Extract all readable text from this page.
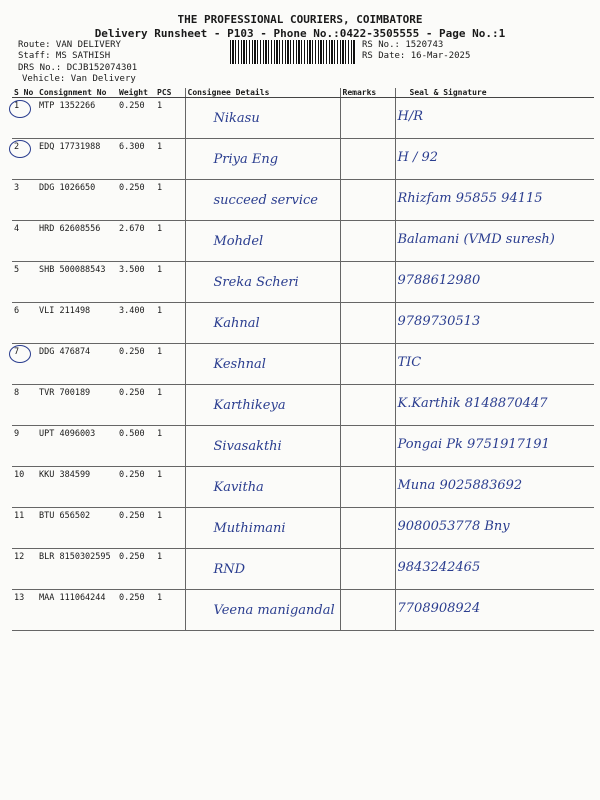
THE PROFESSIONAL COURIERS, COIMBATORE
Delivery Runsheet - P103 - Phone No.:0422-3505555 - Page No.:1
Route: VAN DELIVERY
Staff: MS SATHISH
DRS No.: DCJB152074301
Vehicle: Van Delivery
RS No.: 1520743
RS Date: 16-Mar-2025
S No	Consignment No	Weight	PCS	Consignee Details	Remarks	Seal & Signature
1	MTP 1352266	0.250	1	Nikasu		H/R

2	EDQ 17731988	6.300	1	Priya Eng		H / 92

3	DDG 1026650	0.250	1	succeed service		Rhizfam 95855 94115

4	HRD 62608556	2.670	1	Mohdel		Balamani (VMD suresh)

5	SHB 500088543	3.500	1	Sreka Scheri		9788612980

6	VLI 211498	3.400	1	Kahnal		9789730513

7	DDG 476874	0.250	1	Keshnal		TIC

8	TVR 700189	0.250	1	Karthikeya		K.Karthik 8148870447

9	UPT 4096003	0.500	1	Sivasakthi		Pongai Pk 9751917191

10	KKU 384599	0.250	1	Kavitha		Muna 9025883692

11	BTU 656502	0.250	1	Muthimani		9080053778 Bny

12	BLR 8150302595	0.250	1	RND		9843242465

13	MAA 111064244	0.250	1	Veena manigandal		7708908924
